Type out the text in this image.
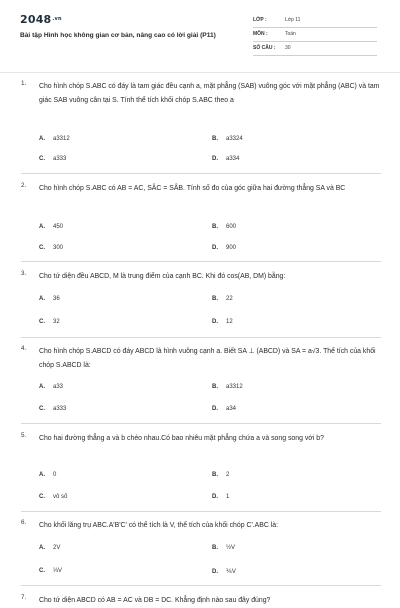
$2048^{.vn}$
Bài tập Hình học không gian cơ bản, nâng cao có lời giải (P11)
LỚP :	Lớp 11
MÔN :	Toán
SỐ CÂU : 30
1. Cho hình chóp S.ABC có đáy là tam giác đều cạnh a, mặt phẳng (SAB) vuông góc với mặt phẳng (ABC) và tam giác SAB vuông cân tại S. Tính thể tích khối chóp S.ABC theo a
A. a3312	B. a3324
C. a333	D. a334
2. Cho hình chóp S.ABC có AB = AC, SÂC = SÂB. Tính số đo của góc giữa hai đường thẳng SA và BC
A. 450	B. 600
C. 300	D. 900
3. Cho tứ diện đều ABCD, M là trung điểm của cạnh BC. Khi đó cos(AB, DM) bằng:
A. 36	B. 22
C. 32	D. 12
4. Cho hình chóp S.ABCD có đáy ABCD là hình vuông cạnh a. Biết SA ⊥ (ABCD) và SA = a√3. Thể tích của khối chóp S.ABCD là:
A. a33	B. a3312
C. a333	D. a34
5. Cho hai đường thẳng a và b chéo nhau.Có bao nhiêu mặt phẳng chứa a và song song với b?
A. 0	B. 2
C. vô số	D. 1
6. Cho khối lăng trụ ABC.A'B'C' có thể tích là V, thể tích của khối chóp C'.ABC là:
A. 2V	B. ½V
C. ⅓V	D. ⅙V
7. Cho tứ diện ABCD có AB = AC và DB = DC. Khẳng định nào sau đây đúng?
